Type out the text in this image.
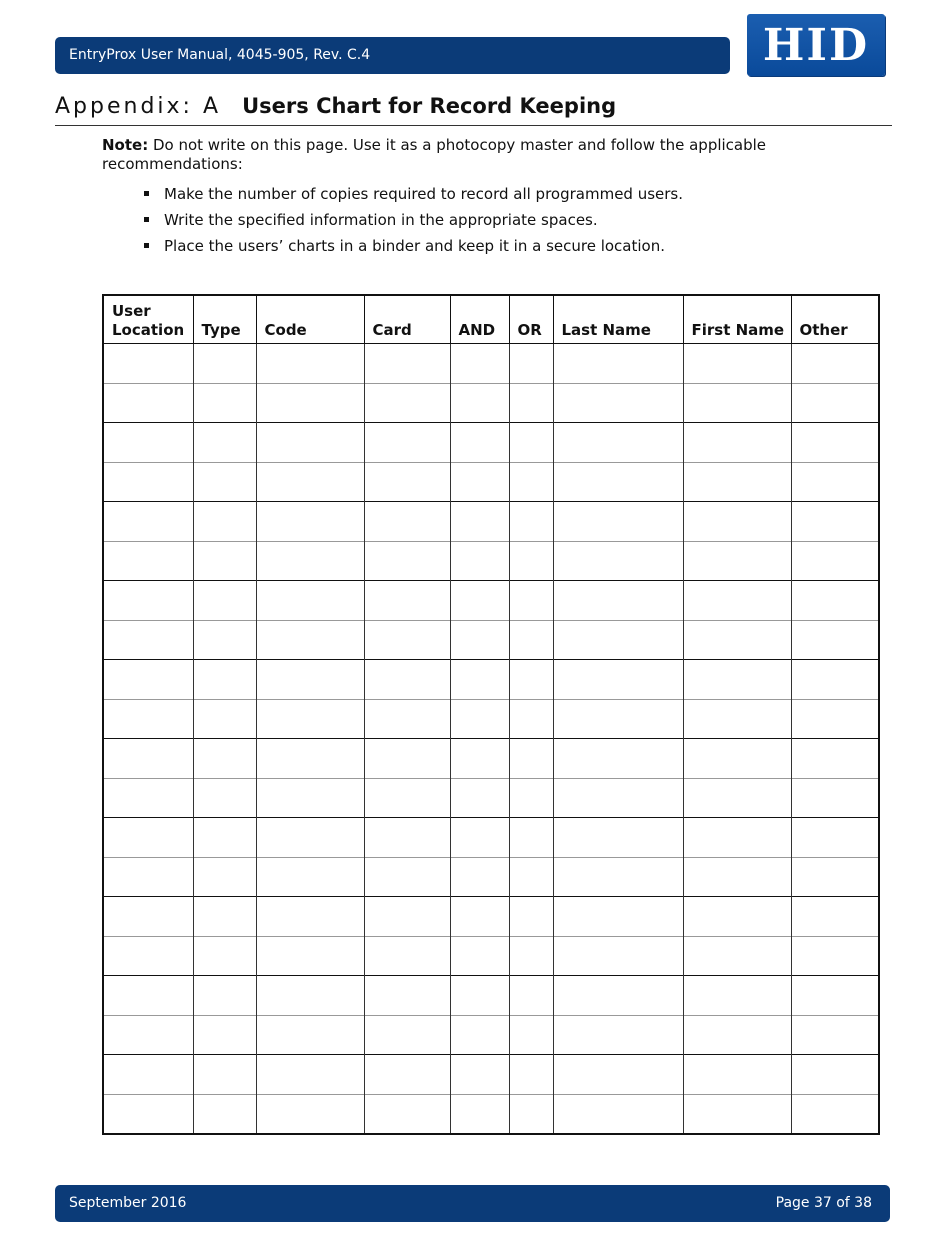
EntryProx User Manual, 4045-905, Rev. C.4	HID
Appendix: A Users Chart for Record Keeping
Note: Do not write on this page. Use it as a photocopy master and follow the applicable recommendations:
Make the number of copies required to record all programmed users.
Write the specified information in the appropriate spaces.
Place the users’ charts in a binder and keep it in a secure location.
User
Location	Type	Code	Card	AND	OR	Last Name	First Name	Other

September 2016	Page 37 of 38
